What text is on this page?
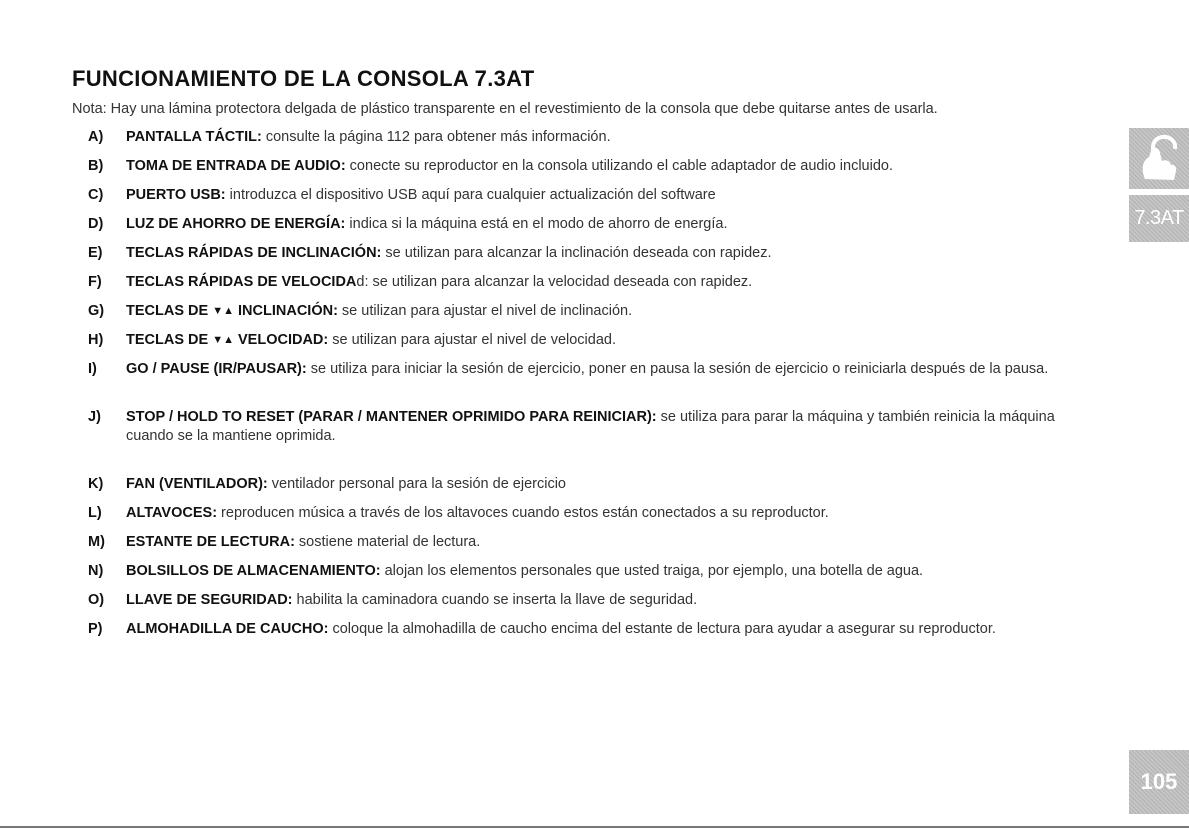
FUNCIONAMIENTO DE LA CONSOLA 7.3AT

Nota: Hay una lámina protectora delgada de plástico transparente en el revestimiento de la consola que debe quitarse antes de usarla.

A)	PANTALLA TÁCTIL: consulte la página 112 para obtener más información.
B)	TOMA DE ENTRADA DE AUDIO: conecte su reproductor en la consola utilizando el cable adaptador de audio incluido.
C)	PUERTO USB: introduzca el dispositivo USB aquí para cualquier actualización del software
D)	LUZ DE AHORRO DE ENERGÍA: indica si la máquina está en el modo de ahorro de energía.
E)	TECLAS RÁPIDAS DE INCLINACIÓN: se utilizan para alcanzar la inclinación deseada con rapidez.
F)	TECLAS RÁPIDAS DE VELOCIDAd: se utilizan para alcanzar la velocidad deseada con rapidez.
G)	TECLAS DE ▼▲ INCLINACIÓN: se utilizan para ajustar el nivel de inclinación.
H)	TECLAS DE ▼▲ VELOCIDAD: se utilizan para ajustar el nivel de velocidad.
I)	GO / PAUSE (IR/PAUSAR): se utiliza para iniciar la sesión de ejercicio, poner en pausa la sesión de ejercicio o reiniciarla después de la pausa.
J)	STOP / HOLD TO RESET (PARAR / MANTENER OPRIMIDO PARA REINICIAR): se utiliza para parar la máquina y también reinicia la máquina cuando se la mantiene oprimida.
K)	FAN (VENTILADOR): ventilador personal para la sesión de ejercicio
L)	ALTAVOCES: reproducen música a través de los altavoces cuando estos están conectados a su reproductor.
M)	ESTANTE DE LECTURA: sostiene material de lectura.
N)	BOLSILLOS DE ALMACENAMIENTO: alojan los elementos personales que usted traiga, por ejemplo, una botella de agua.
O)	LLAVE DE SEGURIDAD: habilita la caminadora cuando se inserta la llave de seguridad.
P)	ALMOHADILLA DE CAUCHO: coloque la almohadilla de caucho encima del estante de lectura para ayudar a asegurar su reproductor.
7.3AT
105
